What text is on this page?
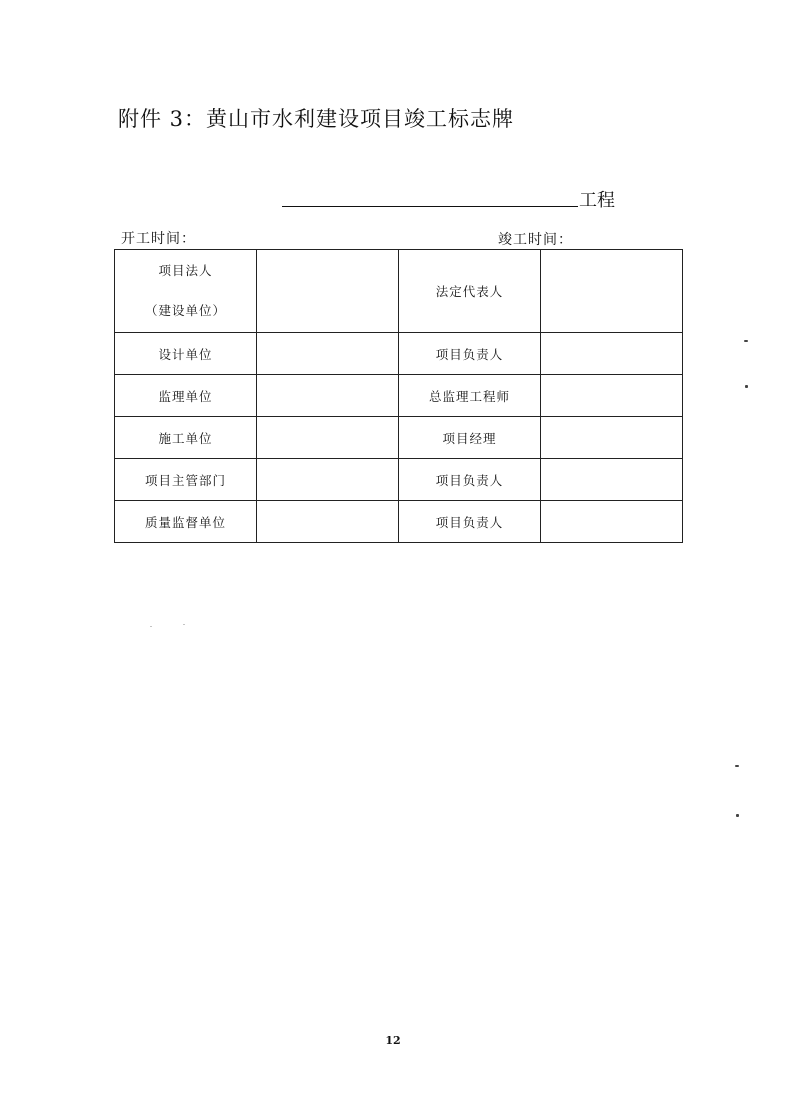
附件 3：黄山市水利建设项目竣工标志牌
工程
开工时间：	竣工时间：
项目法人
（建设单位）		法定代表人	
设计单位		项目负责人	
监理单位		总监理工程师	
施工单位		项目经理	
项目主管部门		项目负责人	
质量监督单位		项目负责人	
12
